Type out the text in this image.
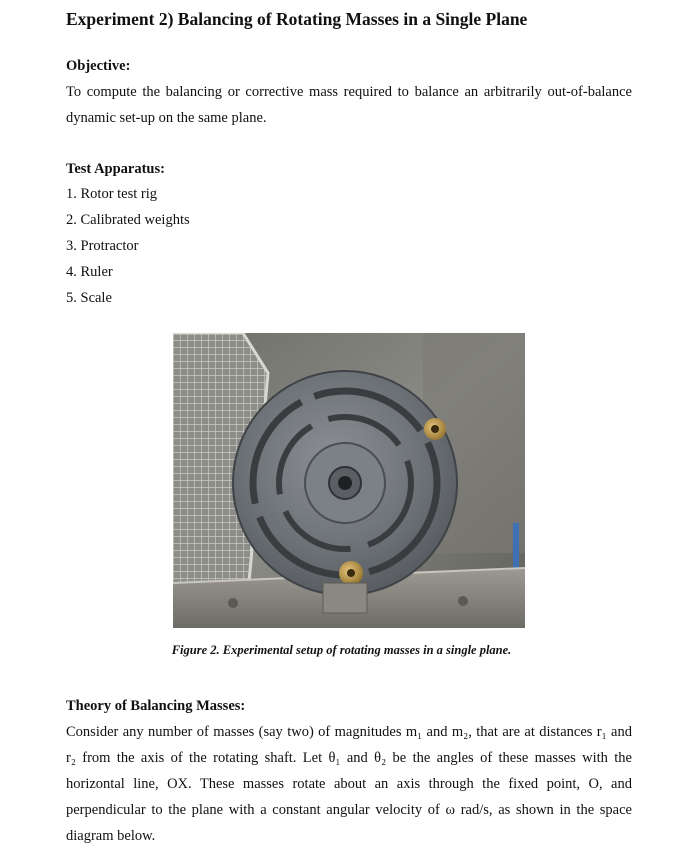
Experiment 2) Balancing of Rotating Masses in a Single Plane
Objective:
To compute the balancing or corrective mass required to balance an arbitrarily out-of-balance
dynamic set-up on the same plane.
Test Apparatus:
1. Rotor test rig
2. Calibrated weights
3. Protractor
4. Ruler
5. Scale
Figure 2. Experimental setup of rotating masses in a single plane.
Theory of Balancing Masses:
Consider any number of masses (say two) of magnitudes m₁ and m₂, that are at distances r₁ and
r₂ from the axis of the rotating shaft. Let θ₁ and θ₂ be the angles of these masses with the
horizontal line, OX. These masses rotate about an axis through the fixed point, O, and
perpendicular to the plane with a constant angular velocity of ω rad/s, as shown in the space
diagram below.
